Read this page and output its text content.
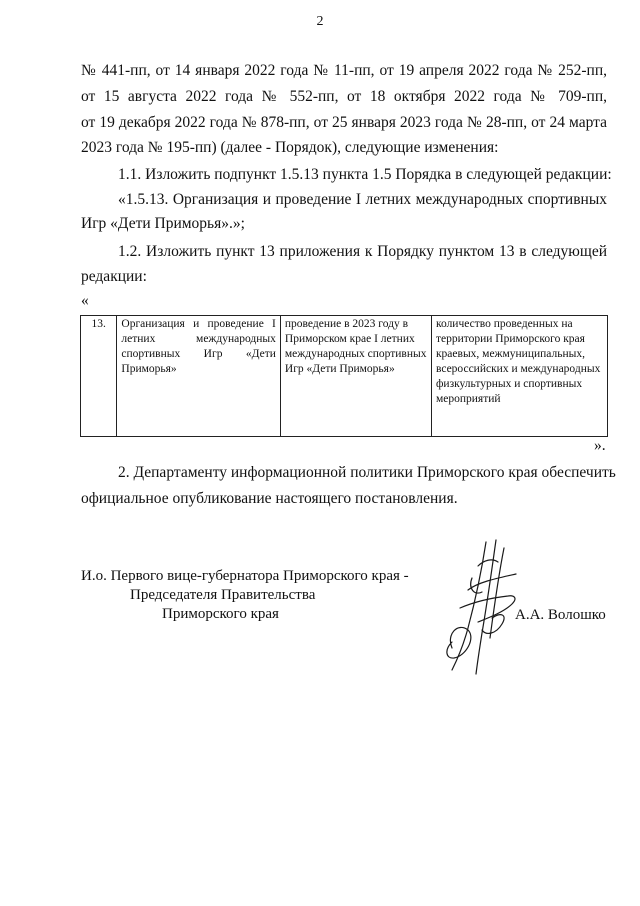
2
№ 441-пп, от 14 января 2022 года № 11-пп, от 19 апреля 2022 года № 252-пп,
от 15 августа 2022 года № 552-пп, от 18 октября 2022 года № 709-пп,
от 19 декабря 2022 года № 878-пп, от 25 января 2023 года № 28-пп, от 24 марта
2023 года № 195-пп) (далее - Порядок), следующие изменения:
1.1. Изложить подпункт 1.5.13 пункта 1.5 Порядка в следующей редакции:
«1.5.13. Организация и проведение I летних международных спортивных
Игр «Дети Приморья».»;
1.2. Изложить пункт 13 приложения к Порядку пунктом 13 в следующей
редакции:
«
13.	Организация и проведение I летних международных спортивных Игр «Дети Приморья»	проведение в 2023 году в Приморском крае I летних международных спортивных Игр «Дети Приморья»	количество проведенных на территории Приморского края краевых, межмуниципальных, всероссийских и международных физкультурных и спортивных мероприятий
».
2. Департаменту информационной политики Приморского края обеспечить
официальное опубликование настоящего постановления.
И.о. Первого вице-губернатора Приморского края -
Председателя Правительства
Приморского края	А.А. Волошко
